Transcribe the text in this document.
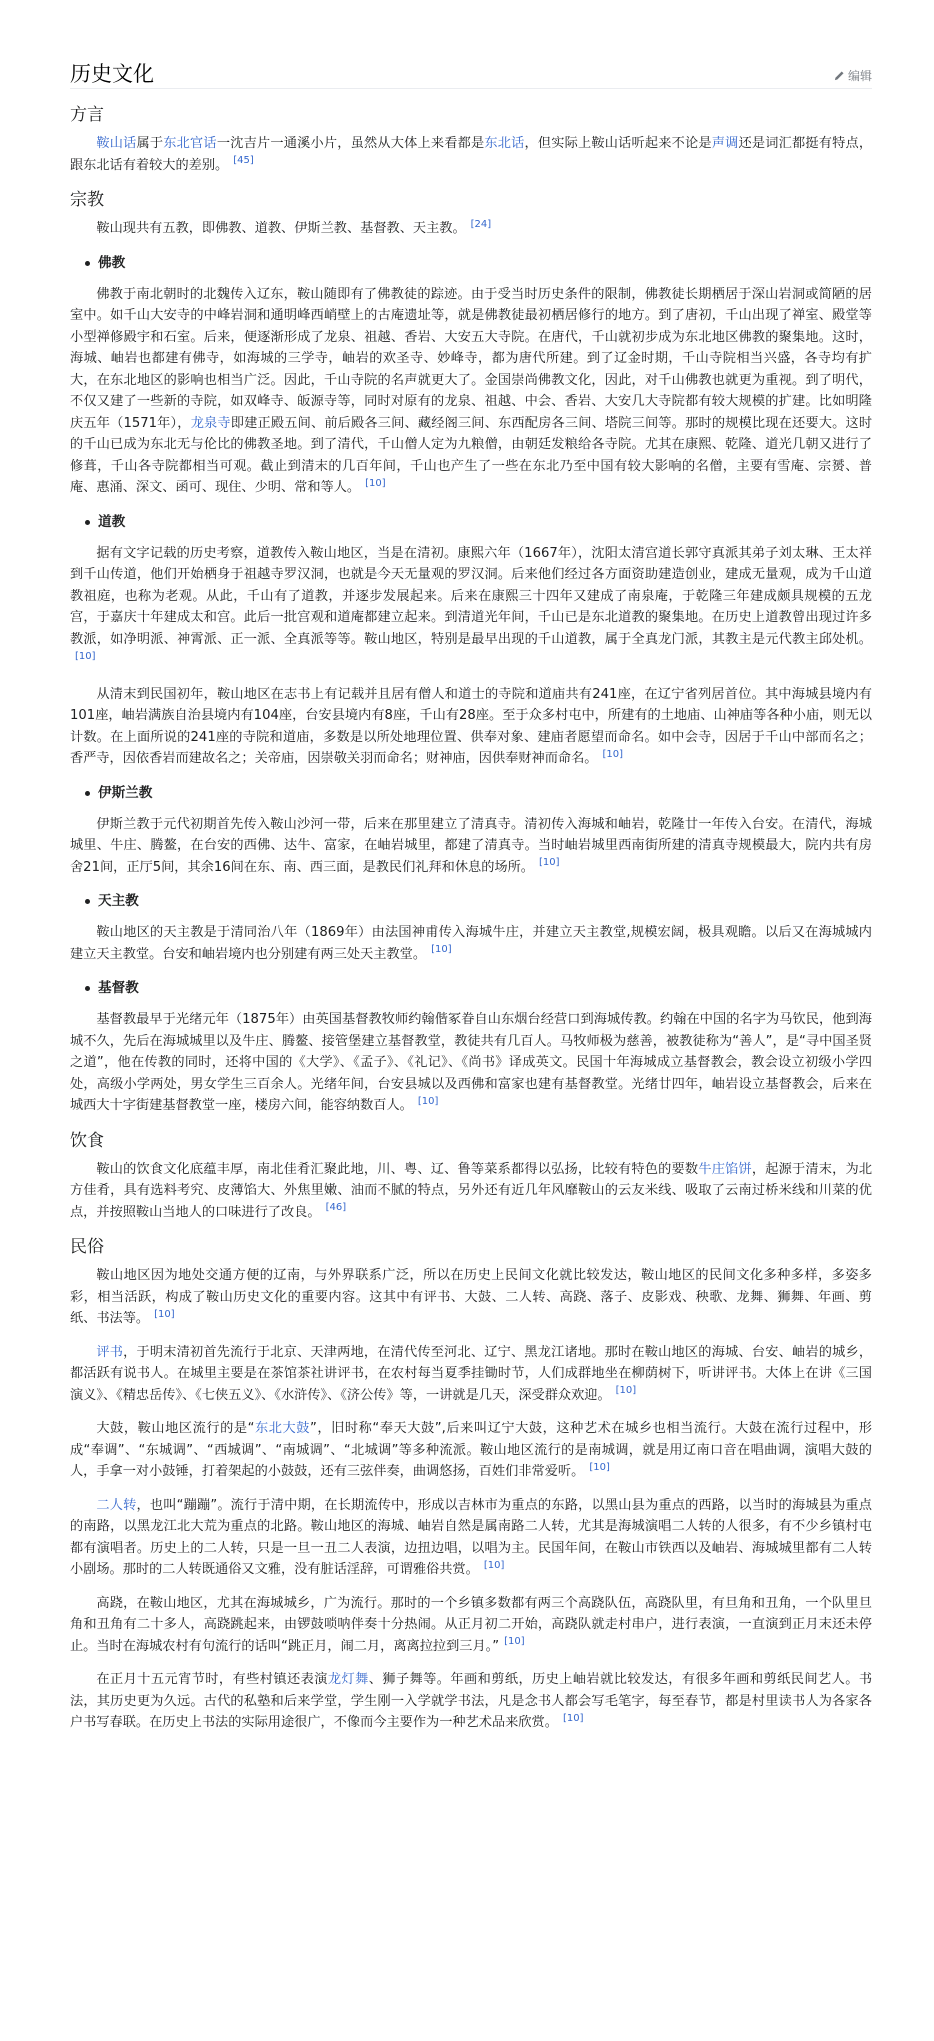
历史文化	编辑
方言

鞍山话属于东北官话一沈吉片一通溪小片，虽然从大体上来看都是东北话，但实际上鞍山话听起来不论是声调还是词汇都挺有特点，跟东北话有着较大的差别。 [45]

宗教

鞍山现共有五教，即佛教、道教、伊斯兰教、基督教、天主教。 [24]

佛教

佛教于南北朝时的北魏传入辽东，鞍山随即有了佛教徒的踪迹。由于受当时历史条件的限制，佛教徒长期栖居于深山岩洞或简陋的居室中。如千山大安寺的中峰岩洞和通明峰西峭壁上的古庵遗址等，就是佛教徒最初栖居修行的地方。到了唐初，千山出现了禅室、殿堂等小型禅修殿宇和石室。后来，便逐渐形成了龙泉、祖越、香岩、大安五大寺院。在唐代，千山就初步成为东北地区佛教的聚集地。这时，海城、岫岩也都建有佛寺，如海城的三学寺，岫岩的欢圣寺、妙峰寺，都为唐代所建。到了辽金时期，千山寺院相当兴盛，各寺均有扩大，在东北地区的影响也相当广泛。因此，千山寺院的名声就更大了。金国崇尚佛教文化，因此，对千山佛教也就更为重视。到了明代，不仅又建了一些新的寺院，如双峰寺、皈源寺等，同时对原有的龙泉、祖越、中会、香岩、大安几大寺院都有较大规模的扩建。比如明隆庆五年（1571年），龙泉寺即建正殿五间、前后殿各三间、藏经阁三间、东西配房各三间、塔院三间等。那时的规模比现在还要大。这时的千山已成为东北无与伦比的佛教圣地。到了清代，千山僧人定为九粮僧，由朝廷发粮给各寺院。尤其在康熙、乾隆、道光几朝又进行了修葺，千山各寺院都相当可观。截止到清末的几百年间，千山也产生了一些在东北乃至中国有较大影响的名僧，主要有雪庵、宗赟、普庵、惠涌、深文、函可、现住、少明、常和等人。 [10]

道教

据有文字记载的历史考察，道教传入鞍山地区，当是在清初。康熙六年（1667年），沈阳太清宫道长郭守真派其弟子刘太琳、王太祥到千山传道，他们开始栖身于祖越寺罗汉洞，也就是今天无量观的罗汉洞。后来他们经过各方面资助建造创业，建成无量观，成为千山道教祖庭，也称为老观。从此，千山有了道教，并逐步发展起来。后来在康熙三十四年又建成了南泉庵，于乾隆三年建成颇具规模的五龙宫，于嘉庆十年建成太和宫。此后一批宫观和道庵都建立起来。到清道光年间，千山已是东北道教的聚集地。在历史上道教曾出现过许多教派，如净明派、神霄派、正一派、全真派等等。鞍山地区，特别是最早出现的千山道教，属于全真龙门派，其教主是元代教主邱处机。[10]

从清末到民国初年，鞍山地区在志书上有记载并且居有僧人和道士的寺院和道庙共有241座，在辽宁省列居首位。其中海城县境内有101座，岫岩满族自治县境内有104座，台安县境内有8座，千山有28座。至于众多村屯中，所建有的土地庙、山神庙等各种小庙，则无以计数。在上面所说的241座的寺院和道庙，多数是以所处地理位置、供奉对象、建庙者愿望而命名。如中会寺，因居于千山中部而名之；香严寺，因依香岩而建故名之；关帝庙，因崇敬关羽而命名；财神庙，因供奉财神而命名。 [10]

伊斯兰教

伊斯兰教于元代初期首先传入鞍山沙河一带，后来在那里建立了清真寺。清初传入海城和岫岩，乾隆廿一年传入台安。在清代，海城城里、牛庄、腾鳌，在台安的西佛、达牛、富家，在岫岩城里，都建了清真寺。当时岫岩城里西南街所建的清真寺规模最大，院内共有房舍21间，正厅5间，其余16间在东、南、西三面，是教民们礼拜和休息的场所。 [10]

天主教

鞍山地区的天主教是于清同治八年（1869年）由法国神甫传入海城牛庄，并建立天主教堂,规模宏阔，极具观瞻。以后又在海城城内建立天主教堂。台安和岫岩境内也分别建有两三处天主教堂。 [10]

基督教

基督教最早于光绪元年（1875年）由英国基督教牧师约翰偕冢眷自山东烟台经营口到海城传教。约翰在中国的名字为马钦民，他到海城不久，先后在海城城里以及牛庄、腾鳌、接管堡建立基督教堂，教徒共有几百人。马牧师极为慈善，被教徒称为“善人”，是“寻中国圣贤之道”，他在传教的同时，还将中国的《大学》、《孟子》、《礼记》、《尚书》译成英文。民国十年海城成立基督教会，教会设立初级小学四处，高级小学两处，男女学生三百余人。光绪年间，台安县城以及西佛和富家也建有基督教堂。光绪廿四年，岫岩设立基督教会，后来在城西大十字街建基督教堂一座，楼房六间，能容纳数百人。 [10]

饮食

鞍山的饮食文化底蕴丰厚，南北佳肴汇聚此地，川、粤、辽、鲁等菜系都得以弘扬，比较有特色的要数牛庄馅饼，起源于清末，为北方佳肴，具有选料考究、皮薄馅大、外焦里嫩、油而不腻的特点，另外还有近几年风靡鞍山的云友米线、吸取了云南过桥米线和川菜的优点，并按照鞍山当地人的口味进行了改良。 [46]

民俗

鞍山地区因为地处交通方便的辽南，与外界联系广泛，所以在历史上民间文化就比较发达，鞍山地区的民间文化多种多样，多姿多彩，相当活跃，构成了鞍山历史文化的重要内容。这其中有评书、大鼓、二人转、高跷、落子、皮影戏、秧歌、龙舞、狮舞、年画、剪纸、书法等。 [10]

评书，于明末清初首先流行于北京、天津两地，在清代传至河北、辽宁、黑龙江诸地。那时在鞍山地区的海城、台安、岫岩的城乡，都活跃有说书人。在城里主要是在茶馆茶社讲评书，在农村每当夏季挂锄时节，人们成群地坐在柳荫树下，听讲评书。大体上在讲《三国演义》、《精忠岳传》、《七侠五义》、《水浒传》、《济公传》等，一讲就是几天，深受群众欢迎。 [10]

大鼓，鞍山地区流行的是“东北大鼓”，旧时称“奉天大鼓”,后来叫辽宁大鼓，这种艺术在城乡也相当流行。大鼓在流行过程中，形成“奉调”、“东城调”、“西城调”、“南城调”、“北城调”等多种流派。鞍山地区流行的是南城调，就是用辽南口音在唱曲调，演唱大鼓的人，手拿一对小鼓锤，打着架起的小鼓鼓，还有三弦伴奏，曲调悠扬，百姓们非常爱听。 [10]

二人转，也叫“蹦蹦”。流行于清中期，在长期流传中，形成以吉林市为重点的东路，以黑山县为重点的西路，以当时的海城县为重点的南路，以黑龙江北大荒为重点的北路。鞍山地区的海城、岫岩自然是属南路二人转，尤其是海城演唱二人转的人很多，有不少乡镇村屯都有演唱者。历史上的二人转，只是一旦一丑二人表演，边扭边唱，以唱为主。民国年间，在鞍山市铁西以及岫岩、海城城里都有二人转小剧场。那时的二人转既通俗又文雅，没有脏话淫辞，可谓雅俗共赏。 [10]

高跷，在鞍山地区，尤其在海城城乡，广为流行。那时的一个乡镇多数都有两三个高跷队伍，高跷队里，有旦角和丑角，一个队里旦角和丑角有二十多人，高跷跳起来，由锣鼓唢呐伴奏十分热闹。从正月初二开始，高跷队就走村串户，进行表演，一直演到正月末还未停止。当时在海城农村有句流行的话叫“跳正月，闹二月，离离拉拉到三月。” [10]

在正月十五元宵节时，有些村镇还表演龙灯舞、狮子舞等。年画和剪纸，历史上岫岩就比较发达，有很多年画和剪纸民间艺人。书法，其历史更为久远。古代的私塾和后来学堂，学生刚一入学就学书法，凡是念书人都会写毛笔字，每至春节，都是村里读书人为各家各户书写春联。在历史上书法的实际用途很广，不像而今主要作为一种艺术品来欣赏。 [10]
